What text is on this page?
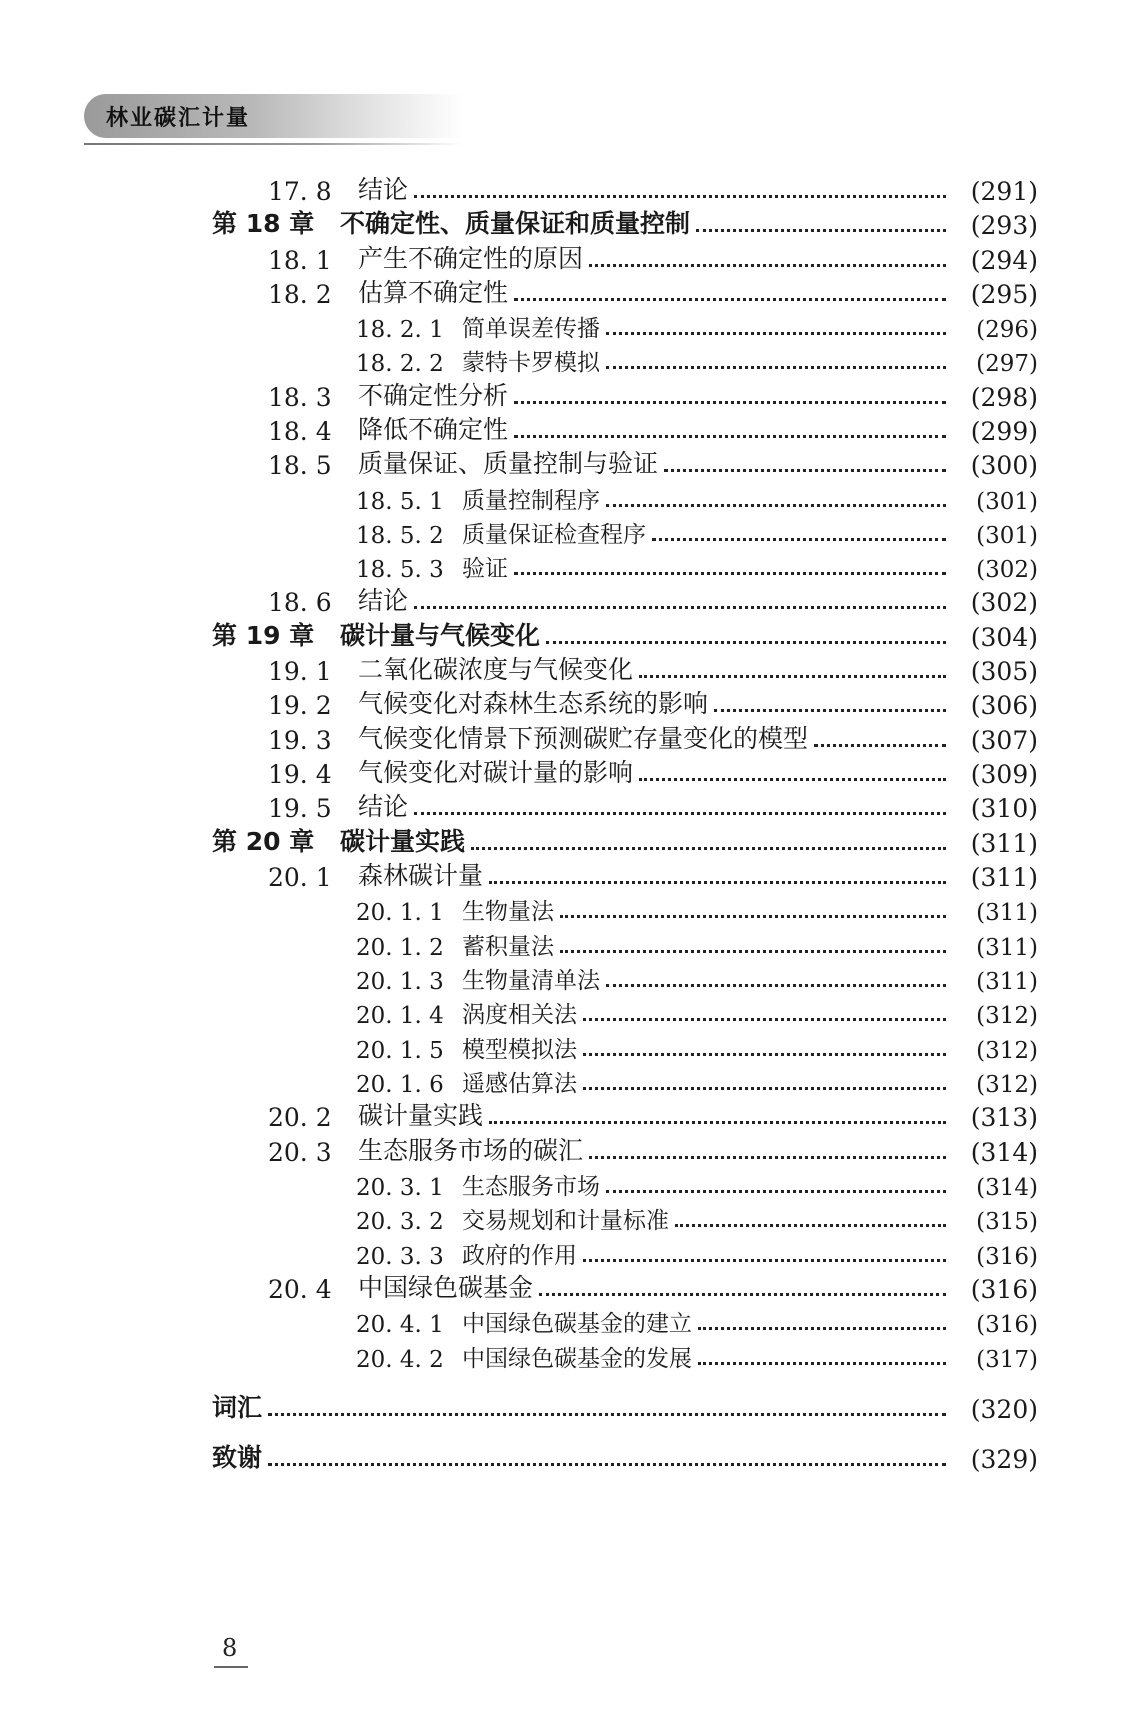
林业碳汇计量
17. 8	结论	(291)
第 18 章	不确定性、质量保证和质量控制	(293)
18. 1	产生不确定性的原因	(294)
18. 2	估算不确定性	(295)
18. 2. 1 简单误差传播	(296)
18. 2. 2 蒙特卡罗模拟	(297)
18. 3	不确定性分析	(298)
18. 4	降低不确定性	(299)
18. 5	质量保证、质量控制与验证	(300)
18. 5. 1 质量控制程序	(301)
18. 5. 2 质量保证检查程序	(301)
18. 5. 3 验证	(302)
18. 6	结论	(302)
第 19 章	碳计量与气候变化	(304)
19. 1	二氧化碳浓度与气候变化	(305)
19. 2	气候变化对森林生态系统的影响	(306)
19. 3	气候变化情景下预测碳贮存量变化的模型	(307)
19. 4	气候变化对碳计量的影响	(309)
19. 5	结论	(310)
第 20 章	碳计量实践	(311)
20. 1	森林碳计量	(311)
20. 1. 1 生物量法	(311)
20. 1. 2 蓄积量法	(311)
20. 1. 3 生物量清单法	(311)
20. 1. 4 涡度相关法	(312)
20. 1. 5 模型模拟法	(312)
20. 1. 6 遥感估算法	(312)
20. 2	碳计量实践	(313)
20. 3	生态服务市场的碳汇	(314)
20. 3. 1 生态服务市场	(314)
20. 3. 2 交易规划和计量标准	(315)
20. 3. 3 政府的作用	(316)
20. 4	中国绿色碳基金	(316)
20. 4. 1 中国绿色碳基金的建立	(316)
20. 4. 2 中国绿色碳基金的发展	(317)
词汇	(320)
致谢	(329)
8
